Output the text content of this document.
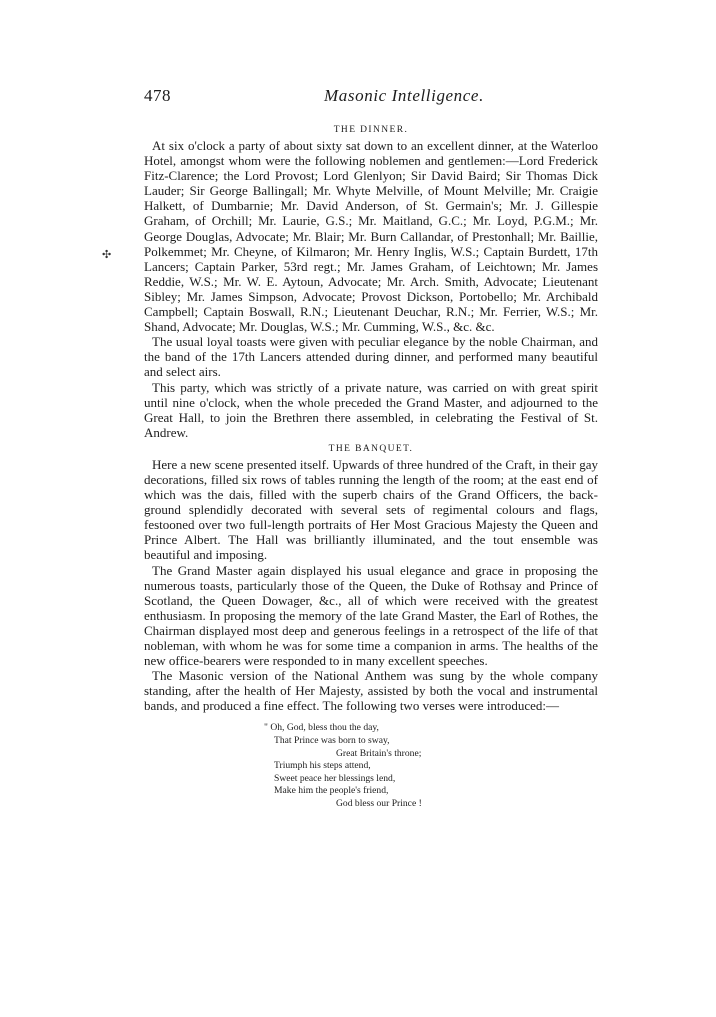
478	Masonic Intelligence.
✣
THE DINNER.

At six o'clock a party of about sixty sat down to an excellent dinner, at the Waterloo Hotel, amongst whom were the following noblemen and gentlemen:—Lord Frederick Fitz-Clarence; the Lord Provost; Lord Glenlyon; Sir David Baird; Sir Thomas Dick Lauder; Sir George Ballingall; Mr. Whyte Melville, of Mount Melville; Mr. Craigie Halkett, of Dumbarnie; Mr. David Anderson, of St. Germain's; Mr. J. Gillespie Graham, of Orchill; Mr. Laurie, G.S.; Mr. Maitland, G.C.; Mr. Loyd, P.G.M.; Mr. George Douglas, Advocate; Mr. Blair; Mr. Burn Callandar, of Prestonhall; Mr. Baillie, Polkemmet; Mr. Cheyne, of Kilmaron; Mr. Henry Inglis, W.S.; Captain Burdett, 17th Lancers; Captain Parker, 53rd regt.; Mr. James Graham, of Leichtown; Mr. James Reddie, W.S.; Mr. W. E. Aytoun, Advocate; Mr. Arch. Smith, Advocate; Lieutenant Sibley; Mr. James Simpson, Advocate; Provost Dickson, Portobello; Mr. Archibald Campbell; Captain Boswall, R.N.; Lieutenant Deuchar, R.N.; Mr. Ferrier, W.S.; Mr. Shand, Advocate; Mr. Douglas, W.S.; Mr. Cumming, W.S., &c. &c.

The usual loyal toasts were given with peculiar elegance by the noble Chairman, and the band of the 17th Lancers attended during dinner, and performed many beautiful and select airs.

This party, which was strictly of a private nature, was carried on with great spirit until nine o'clock, when the whole preceded the Grand Master, and adjourned to the Great Hall, to join the Brethren there assembled, in celebrating the Festival of St. Andrew.

THE BANQUET.

Here a new scene presented itself. Upwards of three hundred of the Craft, in their gay decorations, filled six rows of tables running the length of the room; at the east end of which was the dais, filled with the superb chairs of the Grand Officers, the back-ground splendidly decorated with several sets of regimental colours and flags, festooned over two full-length portraits of Her Most Gracious Majesty the Queen and Prince Albert. The Hall was brilliantly illuminated, and the tout ensemble was beautiful and imposing.

The Grand Master again displayed his usual elegance and grace in proposing the numerous toasts, particularly those of the Queen, the Duke of Rothsay and Prince of Scotland, the Queen Dowager, &c., all of which were received with the greatest enthusiasm. In proposing the memory of the late Grand Master, the Earl of Rothes, the Chairman displayed most deep and generous feelings in a retrospect of the life of that nobleman, with whom he was for some time a companion in arms. The healths of the new office-bearers were responded to in many excellent speeches.

The Masonic version of the National Anthem was sung by the whole company standing, after the health of Her Majesty, assisted by both the vocal and instrumental bands, and produced a fine effect. The following two verses were introduced:—

" Oh, God, bless thou the day,
That Prince was born to sway,
Great Britain's throne;
Triumph his steps attend,
Sweet peace her blessings lend,
Make him the people's friend,
God bless our Prince !
